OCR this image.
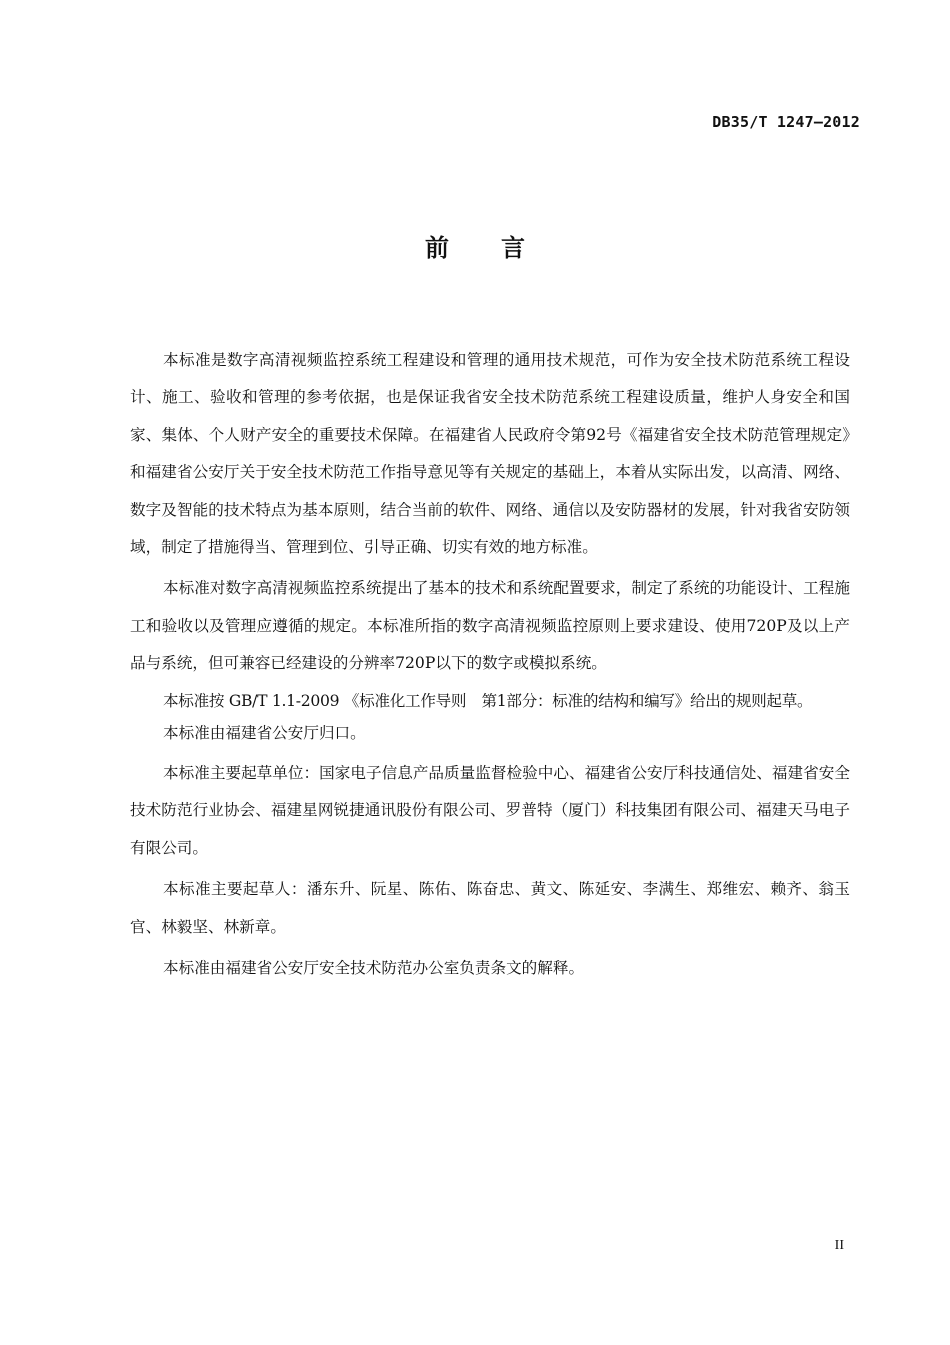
DB35/T 1247—2012
前 言

本标准是数字高清视频监控系统工程建设和管理的通用技术规范，可作为安全技术防范系统工程设计、施工、验收和管理的参考依据，也是保证我省安全技术防范系统工程建设质量，维护人身安全和国家、集体、个人财产安全的重要技术保障。在福建省人民政府令第92号《福建省安全技术防范管理规定》和福建省公安厅关于安全技术防范工作指导意见等有关规定的基础上，本着从实际出发，以高清、网络、数字及智能的技术特点为基本原则，结合当前的软件、网络、通信以及安防器材的发展，针对我省安防领域，制定了措施得当、管理到位、引导正确、切实有效的地方标准。

本标准对数字高清视频监控系统提出了基本的技术和系统配置要求，制定了系统的功能设计、工程施工和验收以及管理应遵循的规定。本标准所指的数字高清视频监控原则上要求建设、使用720P及以上产品与系统，但可兼容已经建设的分辨率720P以下的数字或模拟系统。

本标准按 GB/T 1.1-2009 《标准化工作导则　第1部分：标准的结构和编写》给出的规则起草。

本标准由福建省公安厅归口。

本标准主要起草单位：国家电子信息产品质量监督检验中心、福建省公安厅科技通信处、福建省安全技术防范行业协会、福建星网锐捷通讯股份有限公司、罗普特（厦门）科技集团有限公司、福建天马电子有限公司。

本标准主要起草人：潘东升、阮星、陈佑、陈奋忠、黄文、陈延安、李满生、郑维宏、赖齐、翁玉官、林毅坚、林新章。

本标准由福建省公安厅安全技术防范办公室负责条文的解释。

II
